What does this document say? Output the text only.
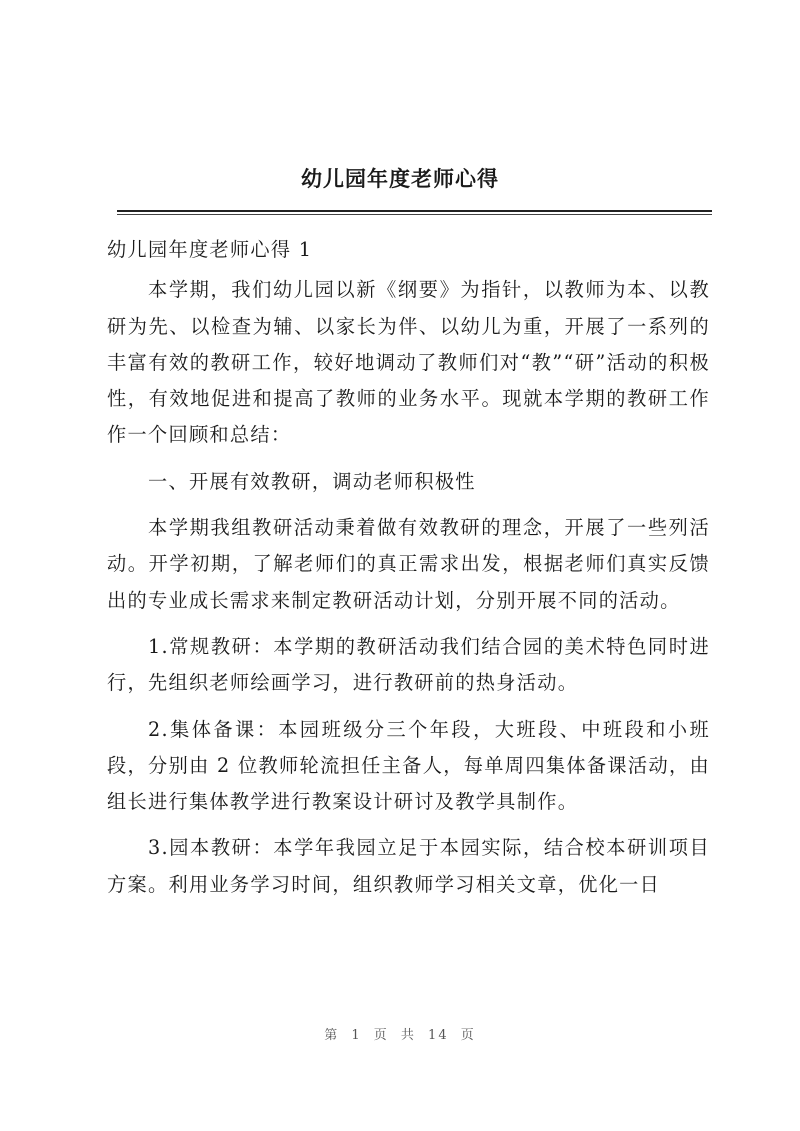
幼儿园年度老师心得

幼儿园年度老师心得 1

本学期，我们幼儿园以新《纲要》为指针，以教师为本、以教研为先、以检查为辅、以家长为伴、以幼儿为重，开展了一系列的丰富有效的教研工作，较好地调动了教师们对“教”“研”活动的积极性，有效地促进和提高了教师的业务水平。现就本学期的教研工作作一个回顾和总结：

一、开展有效教研，调动老师积极性

本学期我组教研活动秉着做有效教研的理念，开展了一些列活动。开学初期，了解老师们的真正需求出发，根据老师们真实反馈出的专业成长需求来制定教研活动计划，分别开展不同的活动。

1.常规教研：本学期的教研活动我们结合园的美术特色同时进行，先组织老师绘画学习，进行教研前的热身活动。

2.集体备课：本园班级分三个年段，大班段、中班段和小班段，分别由 2 位教师轮流担任主备人，每单周四集体备课活动，由组长进行集体教学进行教案设计研讨及教学具制作。

3.园本教研：本学年我园立足于本园实际，结合校本研训项目方案。利用业务学习时间，组织教师学习相关文章，优化一日

第 1 页 共 14 页
